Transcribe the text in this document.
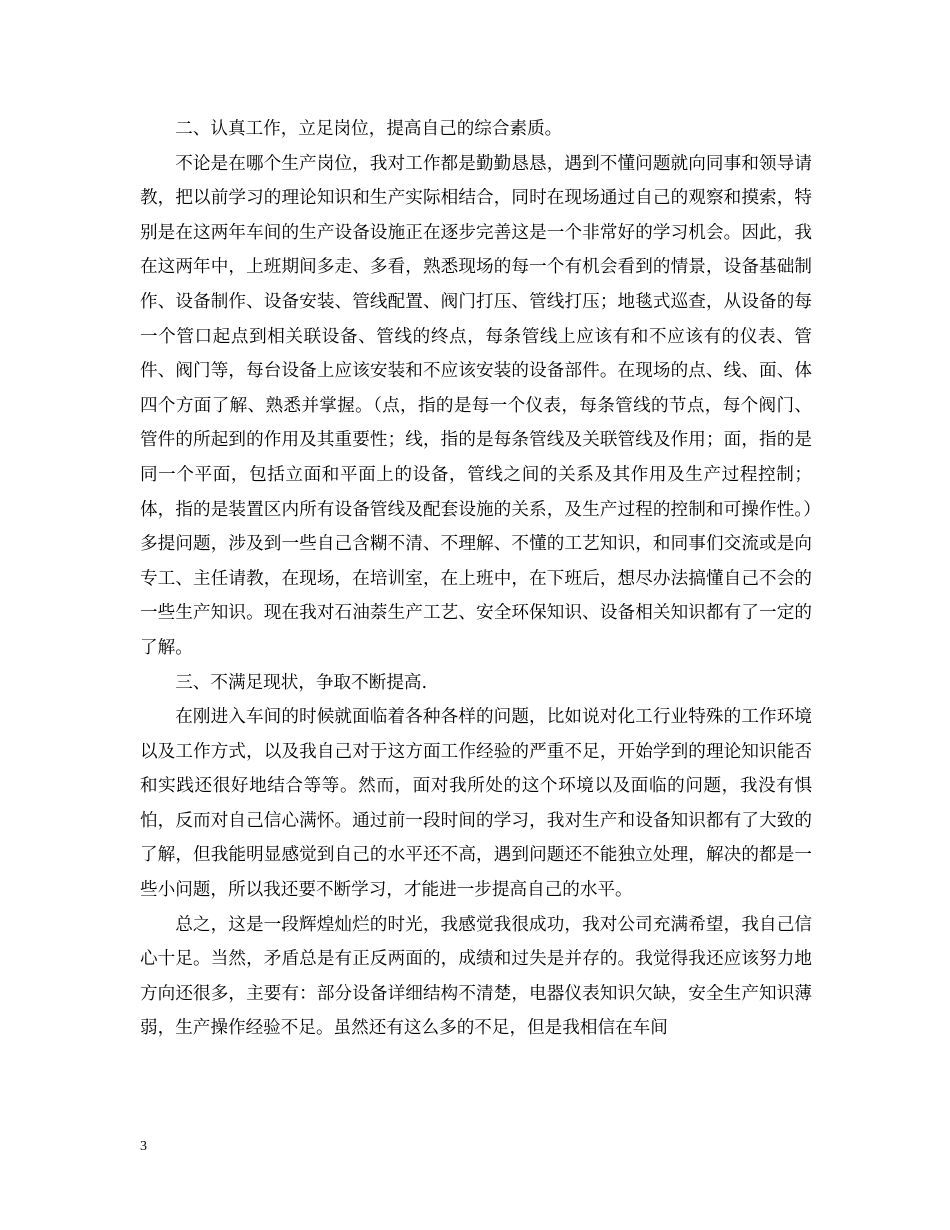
二、认真工作，立足岗位，提高自己的综合素质。

不论是在哪个生产岗位，我对工作都是勤勤恳恳，遇到不懂问题就向同事和领导请教，把以前学习的理论知识和生产实际相结合，同时在现场通过自己的观察和摸索，特别是在这两年车间的生产设备设施正在逐步完善这是一个非常好的学习机会。因此，我在这两年中，上班期间多走、多看，熟悉现场的每一个有机会看到的情景，设备基础制作、设备制作、设备安装、管线配置、阀门打压、管线打压；地毯式巡查，从设备的每一个管口起点到相关联设备、管线的终点，每条管线上应该有和不应该有的仪表、管件、阀门等，每台设备上应该安装和不应该安装的设备部件。在现场的点、线、面、体四个方面了解、熟悉并掌握。（点，指的是每一个仪表，每条管线的节点，每个阀门、管件的所起到的作用及其重要性；线，指的是每条管线及关联管线及作用；面，指的是同一个平面，包括立面和平面上的设备，管线之间的关系及其作用及生产过程控制；体，指的是装置区内所有设备管线及配套设施的关系，及生产过程的控制和可操作性。）多提问题，涉及到一些自己含糊不清、不理解、不懂的工艺知识，和同事们交流或是向专工、主任请教，在现场，在培训室，在上班中，在下班后，想尽办法搞懂自己不会的一些生产知识。现在我对石油萘生产工艺、安全环保知识、设备相关知识都有了一定的了解。

三、不满足现状，争取不断提高.

在刚进入车间的时候就面临着各种各样的问题，比如说对化工行业特殊的工作环境以及工作方式，以及我自己对于这方面工作经验的严重不足，开始学到的理论知识能否和实践还很好地结合等等。然而，面对我所处的这个环境以及面临的问题，我没有惧怕，反而对自己信心满怀。通过前一段时间的学习，我对生产和设备知识都有了大致的了解，但我能明显感觉到自己的水平还不高，遇到问题还不能独立处理，解决的都是一些小问题，所以我还要不断学习，才能进一步提高自己的水平。

总之，这是一段辉煌灿烂的时光，我感觉我很成功，我对公司充满希望，我自己信心十足。当然，矛盾总是有正反两面的，成绩和过失是并存的。我觉得我还应该努力地方向还很多，主要有：部分设备详细结构不清楚，电器仪表知识欠缺，安全生产知识薄弱，生产操作经验不足。虽然还有这么多的不足，但是我相信在车间

3
